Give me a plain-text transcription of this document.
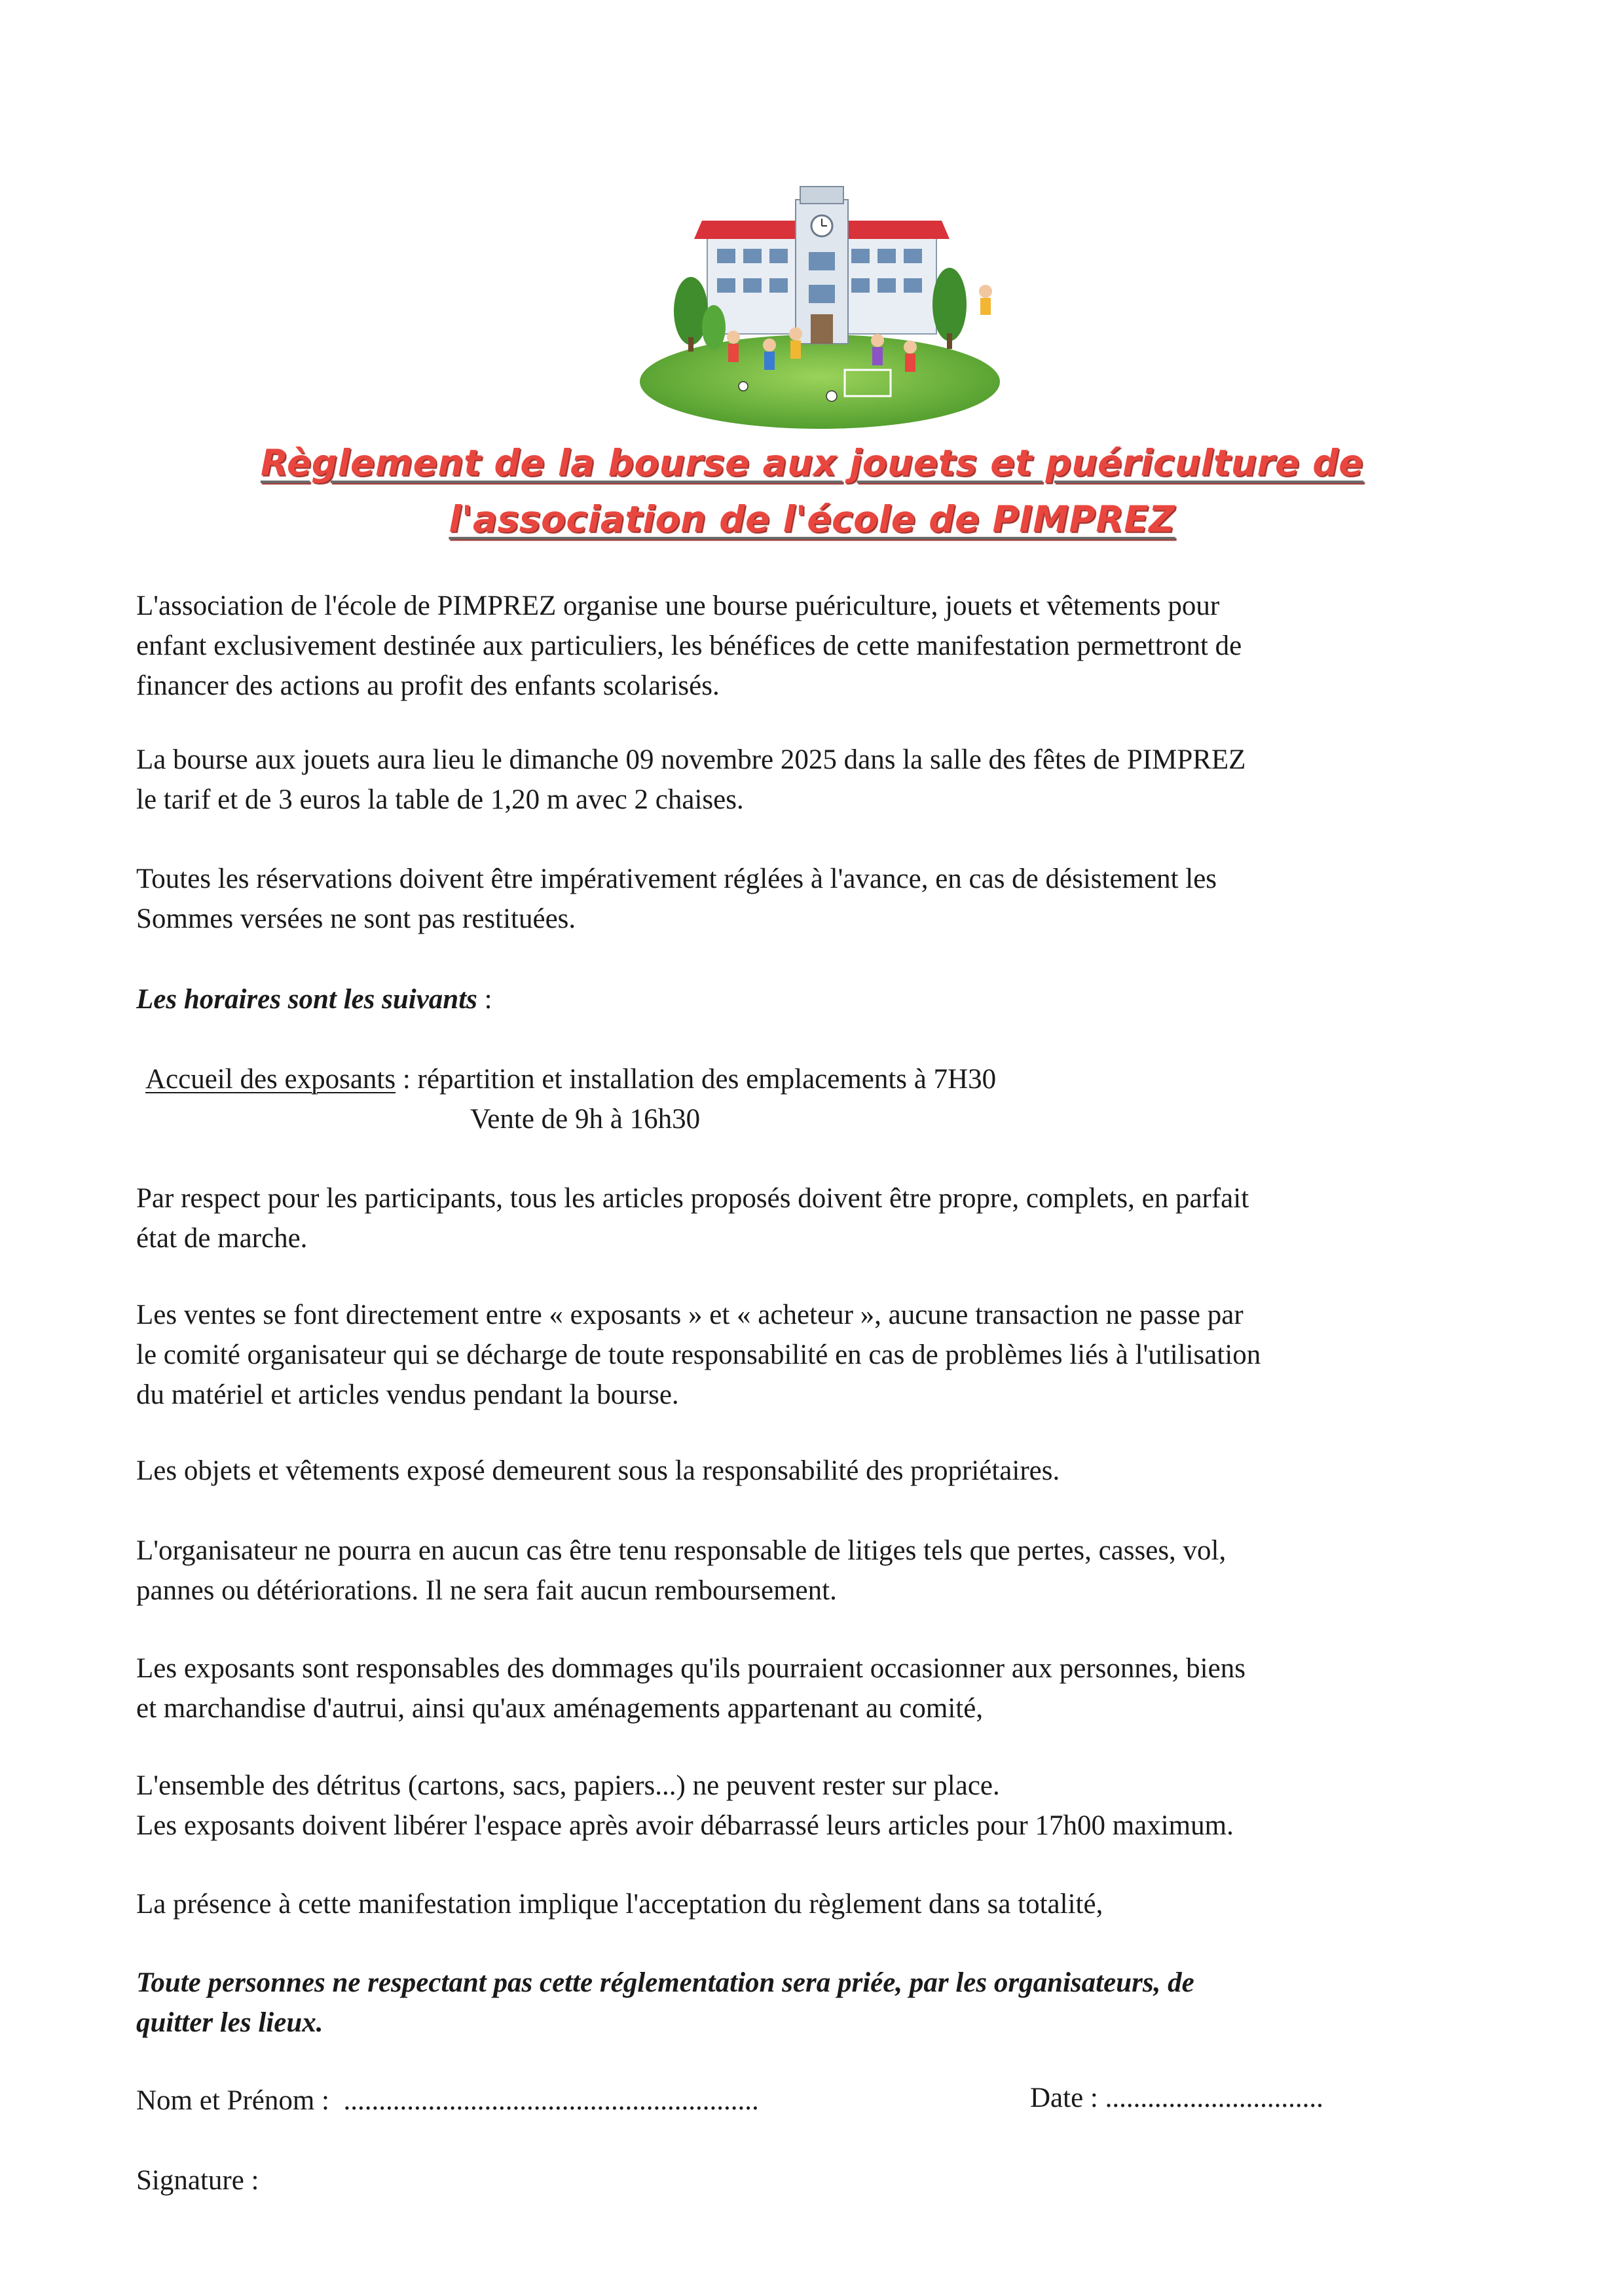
Règlement de la bourse aux jouets et puériculture de
l'association de l'école de PIMPREZ
L'association de l'école de PIMPREZ organise une bourse puériculture, jouets et vêtements pour
enfant exclusivement destinée aux particuliers, les bénéfices de cette manifestation permettront de
financer des actions au profit des enfants scolarisés.
La bourse aux jouets aura lieu le dimanche 09 novembre 2025 dans la salle des fêtes de PIMPREZ
le tarif et de 3 euros la table de 1,20 m avec 2 chaises.
Toutes les réservations doivent être impérativement réglées à l'avance, en cas de désistement les
Sommes versées ne sont pas restituées.
Les horaires sont les suivants :
Accueil des exposants : répartition et installation des emplacements à 7H30
Vente de 9h à 16h30
Par respect pour les participants, tous les articles proposés doivent être propre, complets, en parfait
état de marche.
Les ventes se font directement entre « exposants » et « acheteur », aucune transaction ne passe par
le comité organisateur qui se décharge de toute responsabilité en cas de problèmes liés à l'utilisation
du matériel et articles vendus pendant la bourse.
Les objets et vêtements exposé demeurent sous la responsabilité des propriétaires.
L'organisateur ne pourra en aucun cas être tenu responsable de litiges tels que pertes, casses, vol,
pannes ou détériorations. Il ne sera fait aucun remboursement.
Les exposants sont responsables des dommages qu'ils pourraient occasionner aux personnes, biens
et marchandise d'autrui, ainsi qu'aux aménagements appartenant au comité,
L'ensemble des détritus (cartons, sacs, papiers...) ne peuvent rester sur place.
Les exposants doivent libérer l'espace après avoir débarrassé leurs articles pour 17h00 maximum.
La présence à cette manifestation implique l'acceptation du règlement dans sa totalité,
Toute personnes ne respectant pas cette réglementation sera priée, par les organisateurs, de
quitter les lieux.
Nom et Prénom : ...........................................................	Date : ...............................
Signature :
